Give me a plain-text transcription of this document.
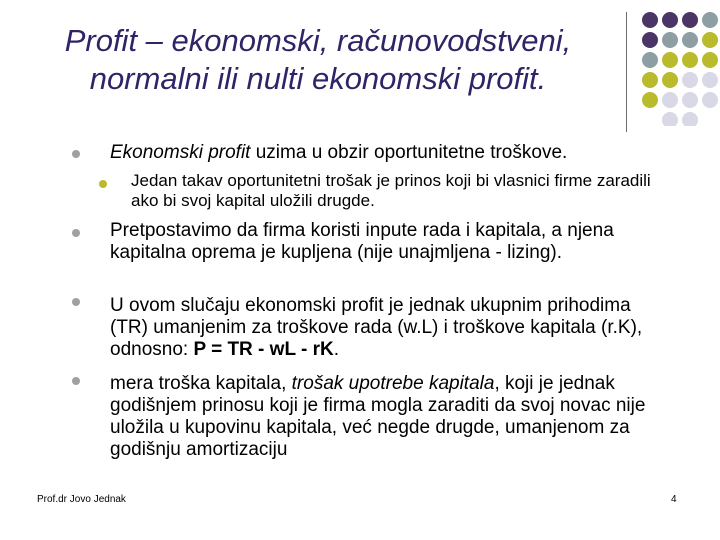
Profit – ekonomski, računovodstveni, normalni ili nulti ekonomski profit.
Ekonomski profit uzima u obzir oportunitetne troškove.
Jedan takav oportunitetni trošak je prinos koji bi vlasnici firme zaradili ako bi svoj kapital uložili drugde.
Pretpostavimo da firma koristi inpute rada i kapitala, a njena kapitalna oprema je kupljena (nije unajmljena - lizing).
U ovom slučaju ekonomski profit je jednak ukupnim prihodima (TR) umanjenim za troškove rada (w.L) i troškove kapitala (r.K), odnosno: P = TR - wL - rK.
mera troška kapitala, trošak upotrebe kapitala, koji je jednak godišnjem prinosu koji je firma mogla zaraditi da svoj novac nije uložila u kupovinu kapitala, već negde drugde, umanjenom za godišnju amortizaciju
Prof.dr Jovo Jednak	4
